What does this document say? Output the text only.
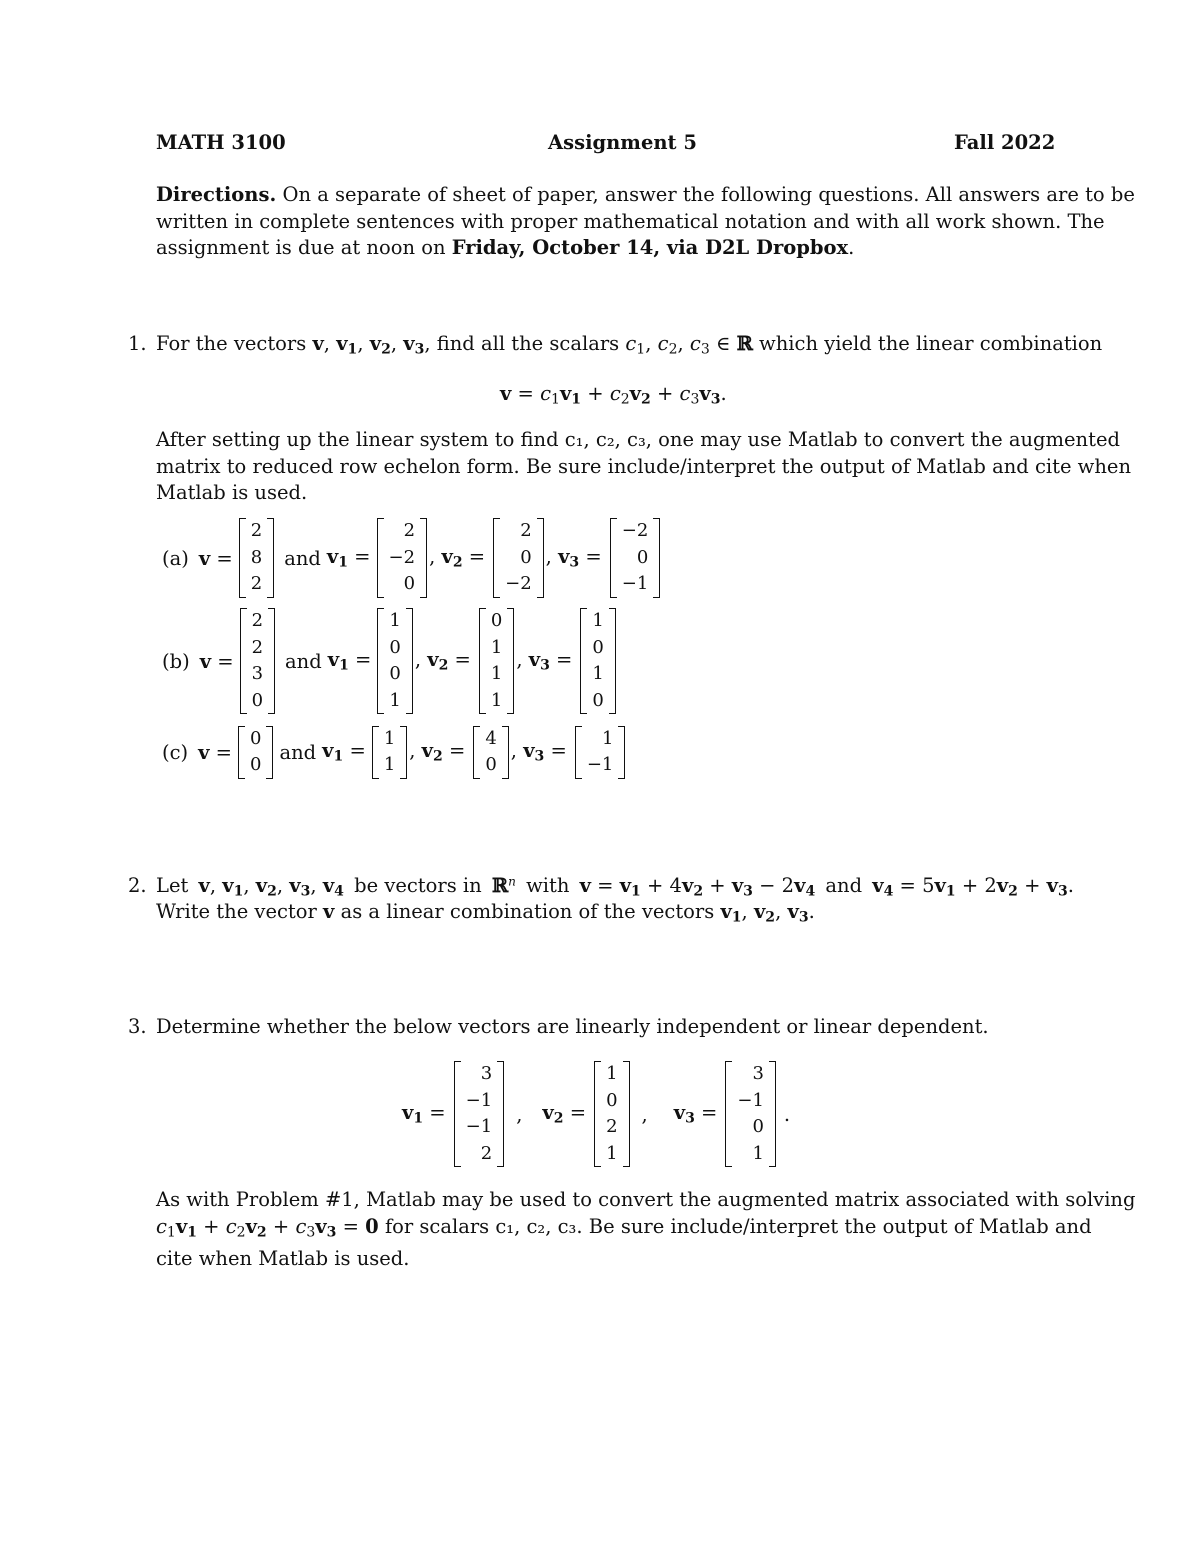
MATH 3100	Assignment 5	Fall 2022
Directions. On a separate of sheet of paper, answer the following questions. All answers are to be
written in complete sentences with proper mathematical notation and with all work shown. The
assignment is due at noon on Friday, October 14, via D2L Dropbox.
1. For the vectors v, $v_1$, $v_2$, $v_3$, find all the scalars $c_1$, $c_2$, $c_3$ ∈ ℝ which yield the linear combination
$v = c_1v_1 + c_2v_2 + c_3v_3$.
After setting up the linear system to find c₁, c₂, c₃, one may use Matlab to convert the augmented
matrix to reduced row echelon form. Be sure include/interpret the output of Matlab and cite when
Matlab is used.
(a) v =
2
8
2
and $v_1$ =
2
−2
0
, $v_2$ =
2
0
−2
, $v_3$ =
−2
0
−1
(b) v =
2
2
3
0
and $v_1$ =
1
0
0
1
, $v_2$ =
0
1
1
1
, $v_3$ =
1
0
1
0
(c) v =
0
0
and $v_1$ =
1
1
, $v_2$ =
4
0
, $v_3$ =
1
−1
2. Let v, $v_1$, $v_2$, $v_3$, $v_4$ be vectors in ℝ$^n$ with $v = v_1 + 4v_2 + v_3 - 2v_4$ and $v_4 = 5v_1 + 2v_2 + v_3$.
Write the vector v as a linear combination of the vectors $v_1$, $v_2$, $v_3$.
3. Determine whether the below vectors are linearly independent or linear dependent.
$v_1$ =
3
−1
−1
2
, $v_2$ =
1
0
2
1
, $v_3$ =
3
−1
0
1
.
As with Problem #1, Matlab may be used to convert the augmented matrix associated with solving
$c_1v_1 + c_2v_2 + c_3v_3 = 0$ for scalars c₁, c₂, c₃. Be sure include/interpret the output of Matlab and
cite when Matlab is used.
